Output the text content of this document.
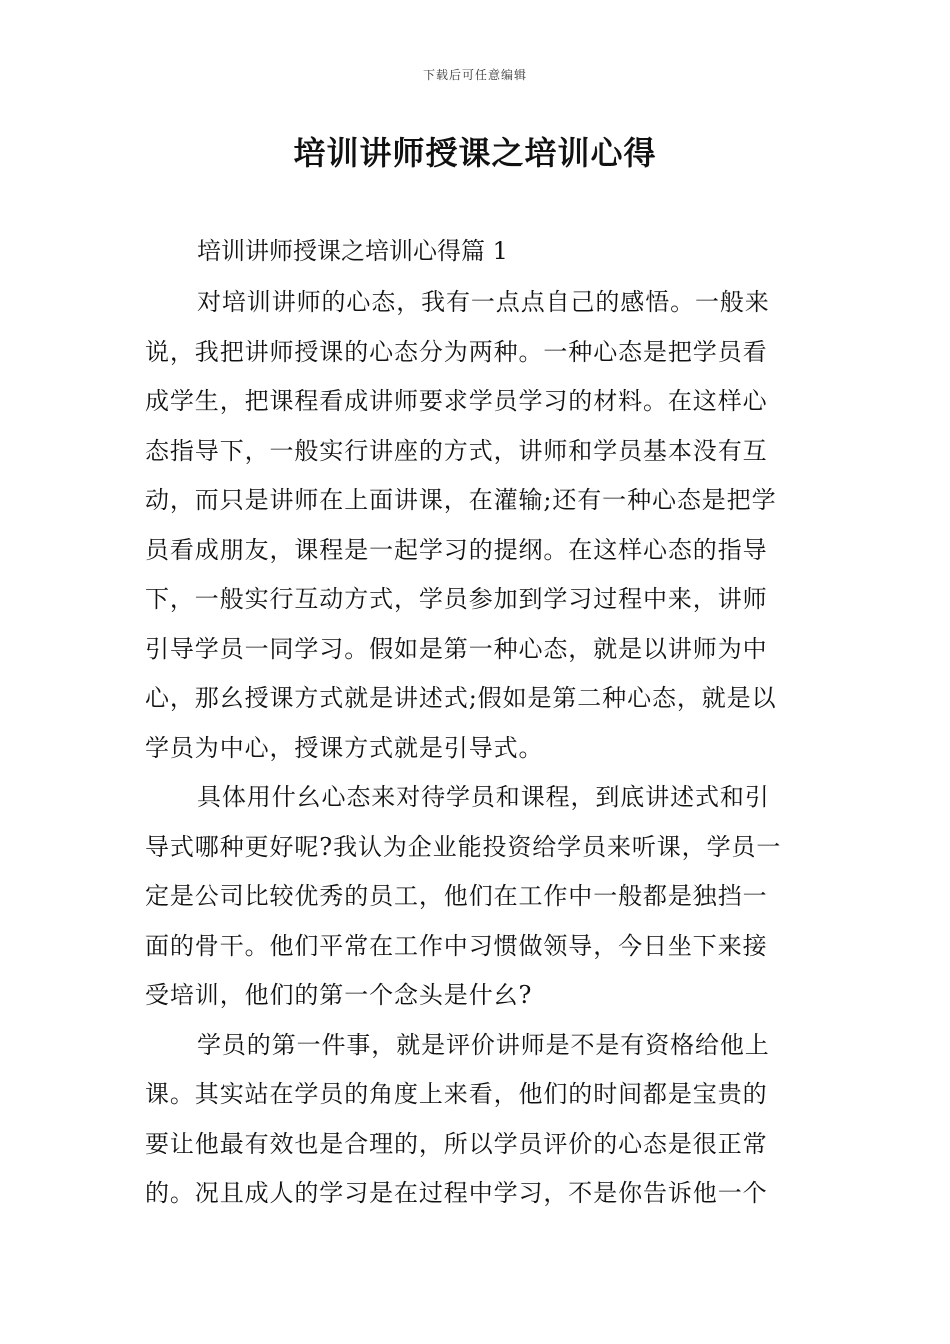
下载后可任意编辑
培训讲师授课之培训心得

培训讲师授课之培训心得篇 1

对培训讲师的心态，我有一点点自己的感悟。一般来
说，我把讲师授课的心态分为两种。一种心态是把学员看
成学生，把课程看成讲师要求学员学习的材料。在这样心
态指导下，一般实行讲座的方式，讲师和学员基本没有互
动，而只是讲师在上面讲课，在灌输;还有一种心态是把学
员看成朋友，课程是一起学习的提纲。在这样心态的指导
下，一般实行互动方式，学员参加到学习过程中来，讲师
引导学员一同学习。假如是第一种心态，就是以讲师为中
心，那幺授课方式就是讲述式;假如是第二种心态，就是以
学员为中心，授课方式就是引导式。
具体用什幺心态来对待学员和课程，到底讲述式和引
导式哪种更好呢?我认为企业能投资给学员来听课，学员一
定是公司比较优秀的员工，他们在工作中一般都是独挡一
面的骨干。他们平常在工作中习惯做领导，今日坐下来接
受培训，他们的第一个念头是什幺?
学员的第一件事，就是评价讲师是不是有资格给他上
课。其实站在学员的角度上来看，他们的时间都是宝贵的
要让他最有效也是合理的，所以学员评价的心态是很正常
的。况且成人的学习是在过程中学习，不是你告诉他一个
